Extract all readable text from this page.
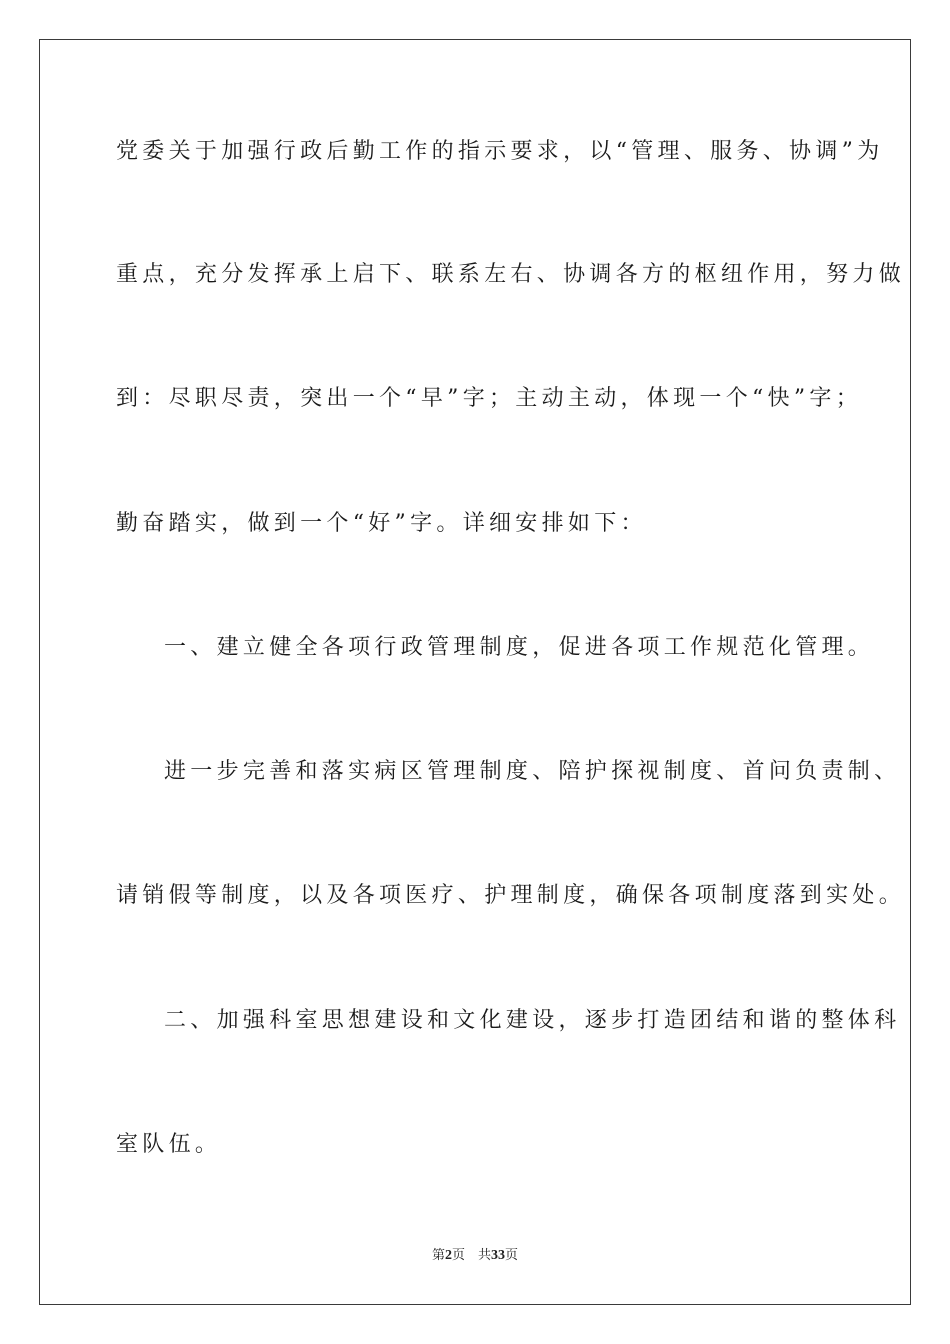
党委关于加强行政后勤工作的指示要求，以“管理、服务、协调”为
重点，充分发挥承上启下、联系左右、协调各方的枢纽作用，努力做
到：尽职尽责，突出一个“早”字；主动主动，体现一个“快”字；
勤奋踏实，做到一个“好”字。详细安排如下：
一、建立健全各项行政管理制度，促进各项工作规范化管理。
进一步完善和落实病区管理制度、陪护探视制度、首问负责制、
请销假等制度，以及各项医疗、护理制度，确保各项制度落到实处。
二、加强科室思想建设和文化建设，逐步打造团结和谐的整体科
室队伍。
第2页　共33页
